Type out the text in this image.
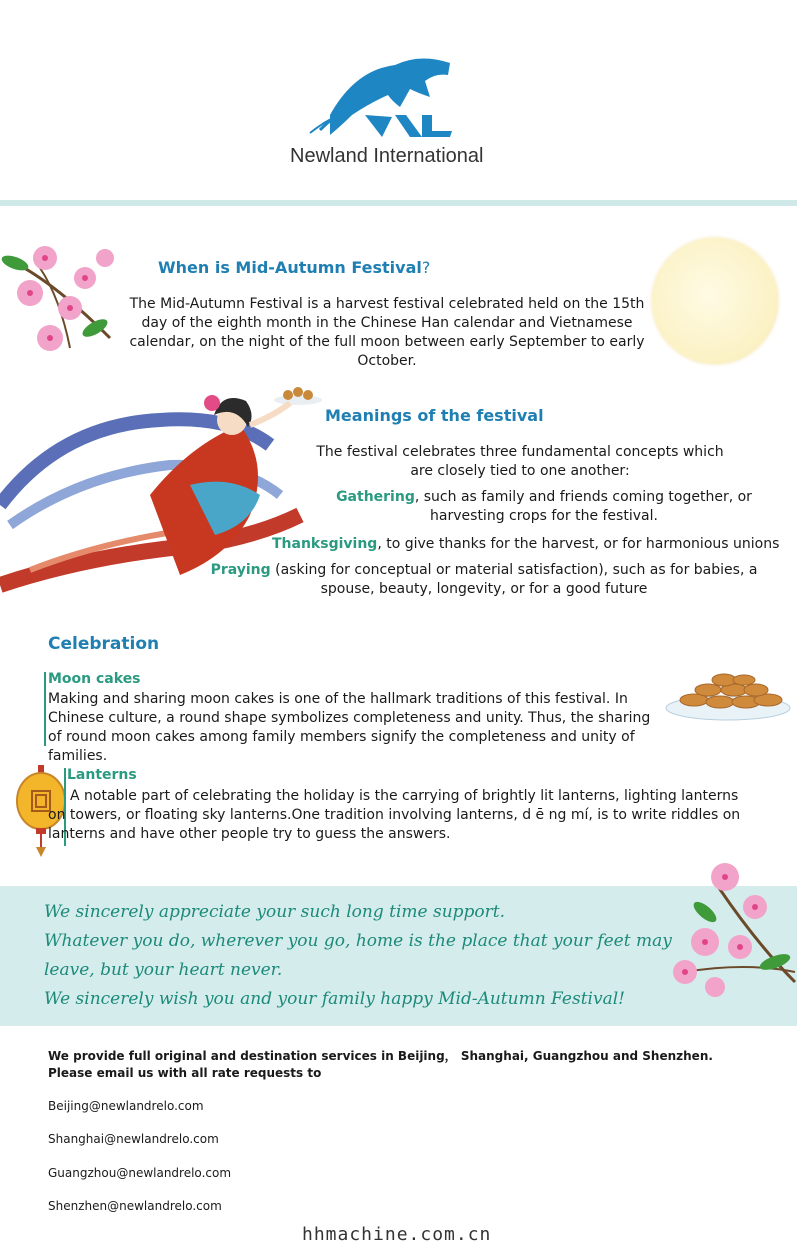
Newland International
When is Mid-Autumn Festival?
The Mid-Autumn Festival is a harvest festival celebrated held on the 15th day of the eighth month in the Chinese Han calendar and Vietnamese calendar, on the night of the full moon between early September to early October.
Meanings of the festival
The festival celebrates three fundamental concepts which are closely tied to one another:
Gathering, such as family and friends coming together, or harvesting crops for the festival.
Thanksgiving, to give thanks for the harvest, or for harmonious unions
Praying (asking for conceptual or material satisfaction), such as for babies, a spouse, beauty, longevity, or for a good future
Celebration
Moon cakes
Making and sharing moon cakes is one of the hallmark traditions of this festival. In Chinese culture, a round shape symbolizes completeness and unity. Thus, the sharing of round moon cakes among family members signify the completeness and unity of families.
Lanterns
A notable part of celebrating the holiday is the carrying of brightly lit lanterns, lighting lanterns on towers, or floating sky lanterns.One tradition involving lanterns, d ē ng mí, is to write riddles on lanterns and have other people try to guess the answers.
We sincerely appreciate your such long time support.
Whatever you do, wherever you go, home is the place that your feet may
leave, but your heart never.
We sincerely wish you and your family happy Mid-Autumn Festival!
We provide full original and destination services in Beijing， Shanghai, Guangzhou and Shenzhen.
Please email us with all rate requests to
Beijing@newlandrelo.com
Shanghai@newlandrelo.com
Guangzhou@newlandrelo.com
Shenzhen@newlandrelo.com
hhmachine.com.cn
